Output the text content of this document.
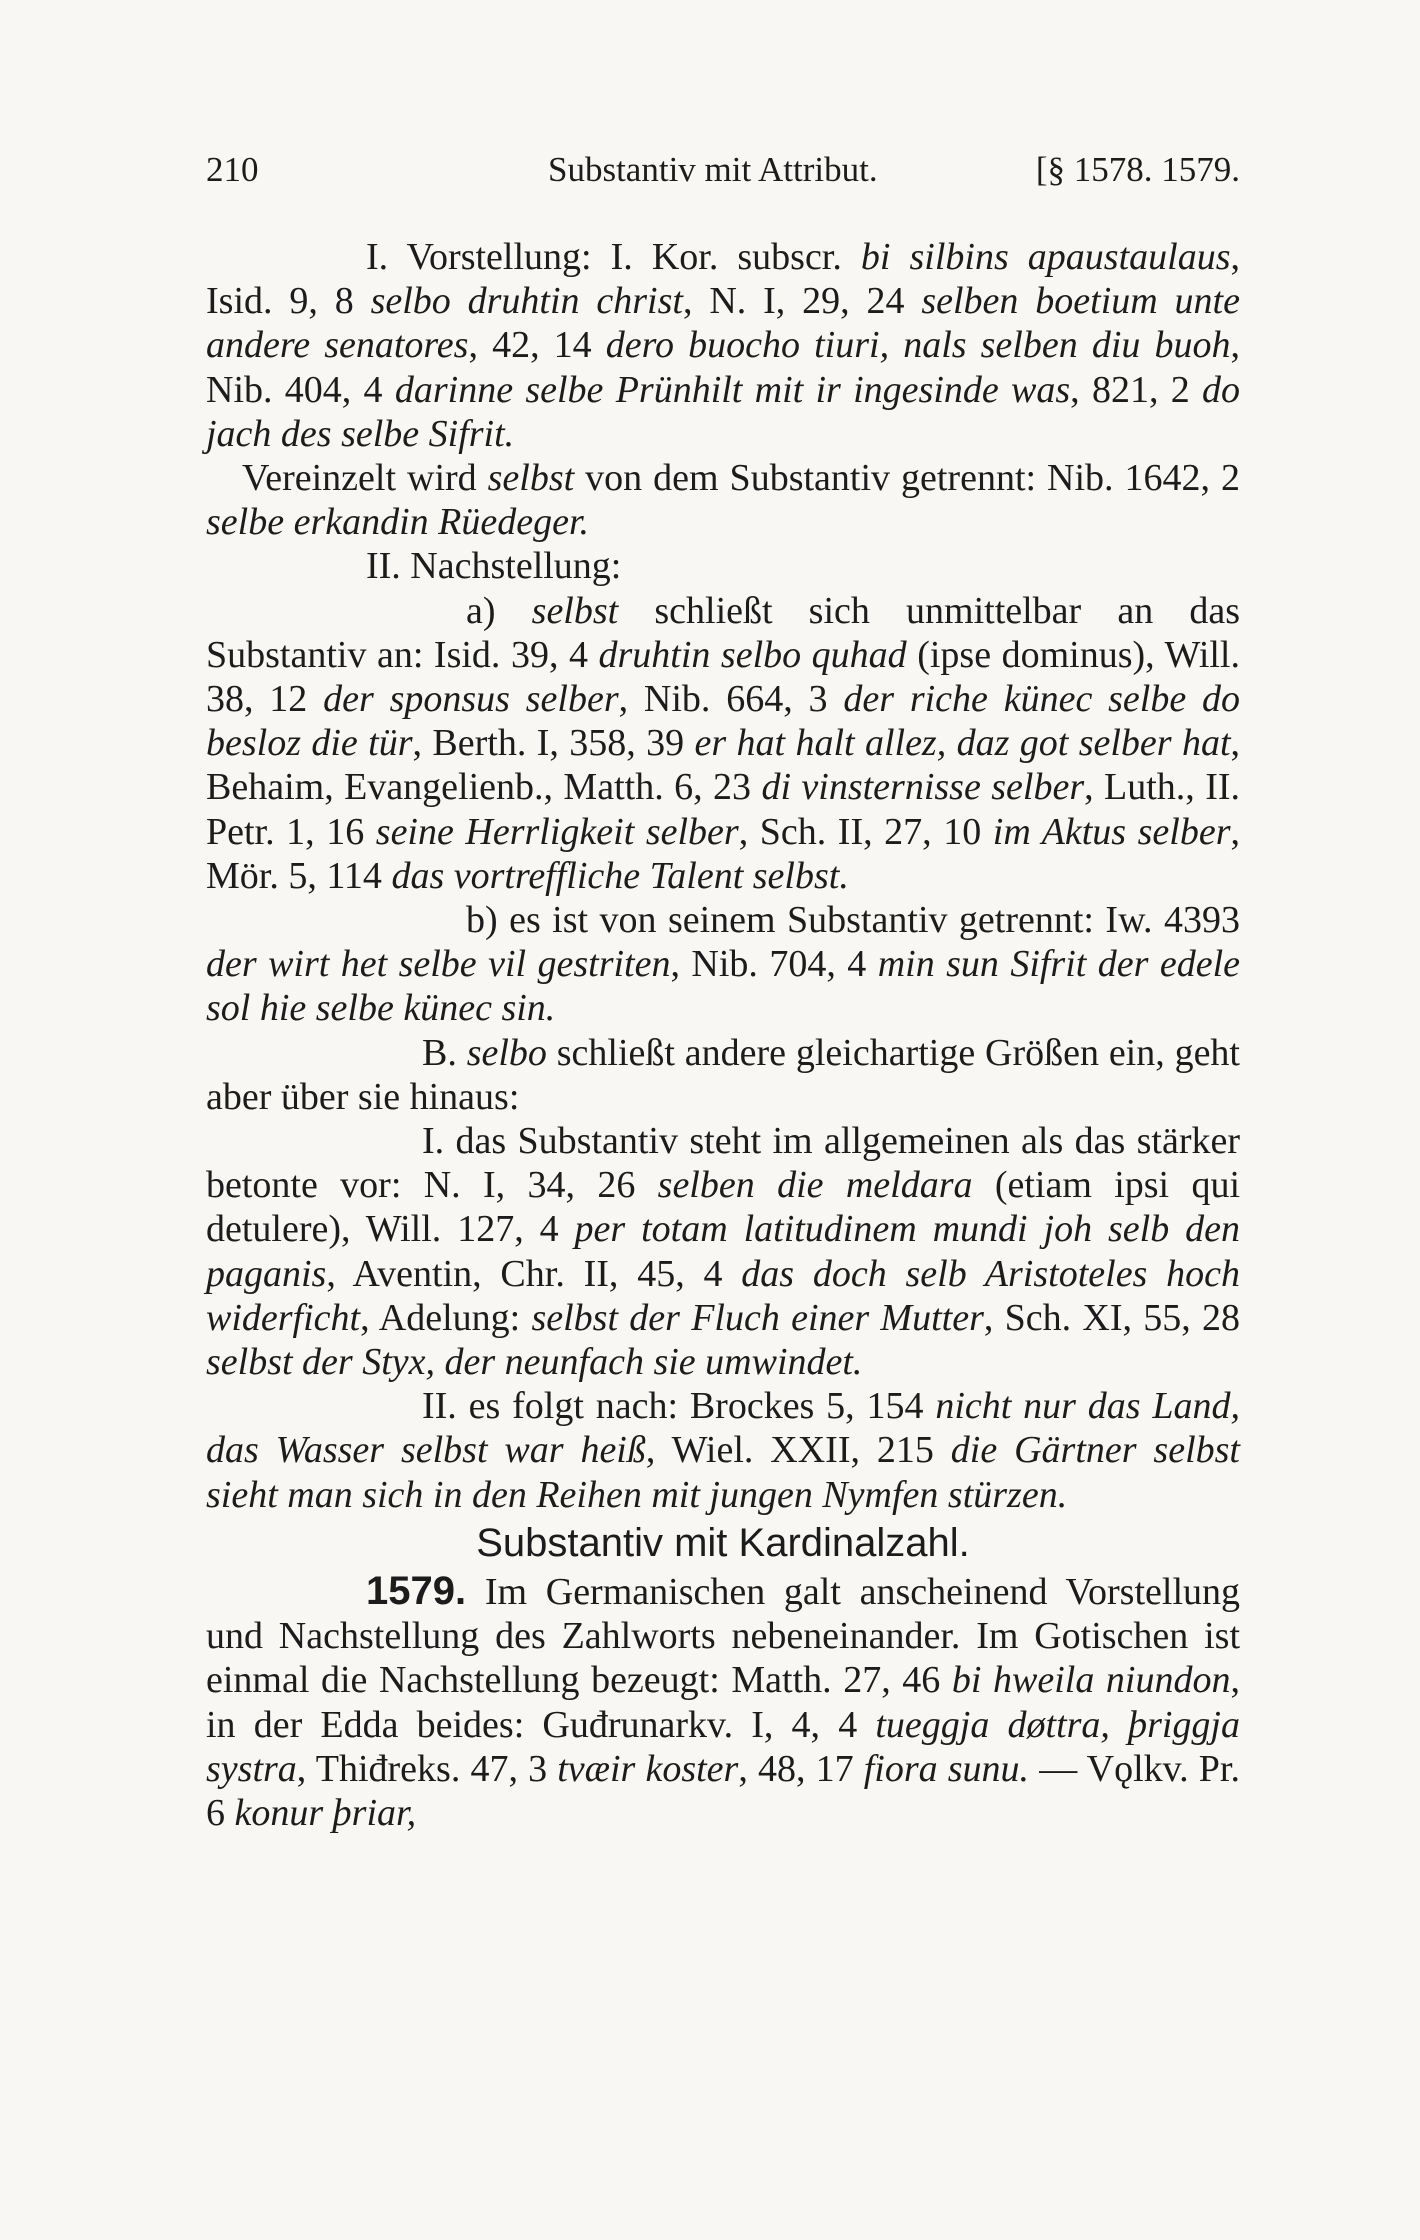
210	Substantiv mit Attribut.	[§ 1578. 1579.

I. Vorstellung: I. Kor. subscr. bi silbins apaustaulaus, Isid. 9, 8 selbo druhtin christ, N. I, 29, 24 selben boetium unte andere senatores, 42, 14 dero buocho tiuri, nals selben diu buoh, Nib. 404, 4 darinne selbe Prünhilt mit ir ingesinde was, 821, 2 do jach des selbe Sifrit.

Vereinzelt wird selbst von dem Substantiv getrennt: Nib. 1642, 2 selbe erkandin Rüedeger.

II. Nachstellung:

a) selbst schließt sich unmittelbar an das Substantiv an: Isid. 39, 4 druhtin selbo quhad (ipse dominus), Will. 38, 12 der sponsus selber, Nib. 664, 3 der riche künec selbe do besloz die tür, Berth. I, 358, 39 er hat halt allez, daz got selber hat, Behaim, Evangelienb., Matth. 6, 23 di vinsternisse selber, Luth., II. Petr. 1, 16 seine Herrligkeit selber, Sch. II, 27, 10 im Aktus selber, Mör. 5, 114 das vortreffliche Talent selbst.

b) es ist von seinem Substantiv getrennt: Iw. 4393 der wirt het selbe vil gestriten, Nib. 704, 4 min sun Sifrit der edele sol hie selbe künec sin.

B. selbo schließt andere gleichartige Größen ein, geht aber über sie hinaus:

I. das Substantiv steht im allgemeinen als das stärker betonte vor: N. I, 34, 26 selben die meldara (etiam ipsi qui detulere), Will. 127, 4 per totam latitudinem mundi joh selb den paganis, Aventin, Chr. II, 45, 4 das doch selb Aristoteles hoch widerficht, Adelung: selbst der Fluch einer Mutter, Sch. XI, 55, 28 selbst der Styx, der neunfach sie umwindet.

II. es folgt nach: Brockes 5, 154 nicht nur das Land, das Wasser selbst war heiß, Wiel. XXII, 215 die Gärtner selbst sieht man sich in den Reihen mit jungen Nymfen stürzen.

Substantiv mit Kardinalzahl.

1579. Im Germanischen galt anscheinend Vorstellung und Nachstellung des Zahlworts nebeneinander. Im Gotischen ist einmal die Nachstellung bezeugt: Matth. 27, 46 bi hweila niundon, in der Edda beides: Guđrunarkv. I, 4, 4 tueggja døttra, þriggja systra, Thiđreks. 47, 3 tvæir koster, 48, 17 fiora sunu. — Vǫlkv. Pr. 6 konur þriar,
